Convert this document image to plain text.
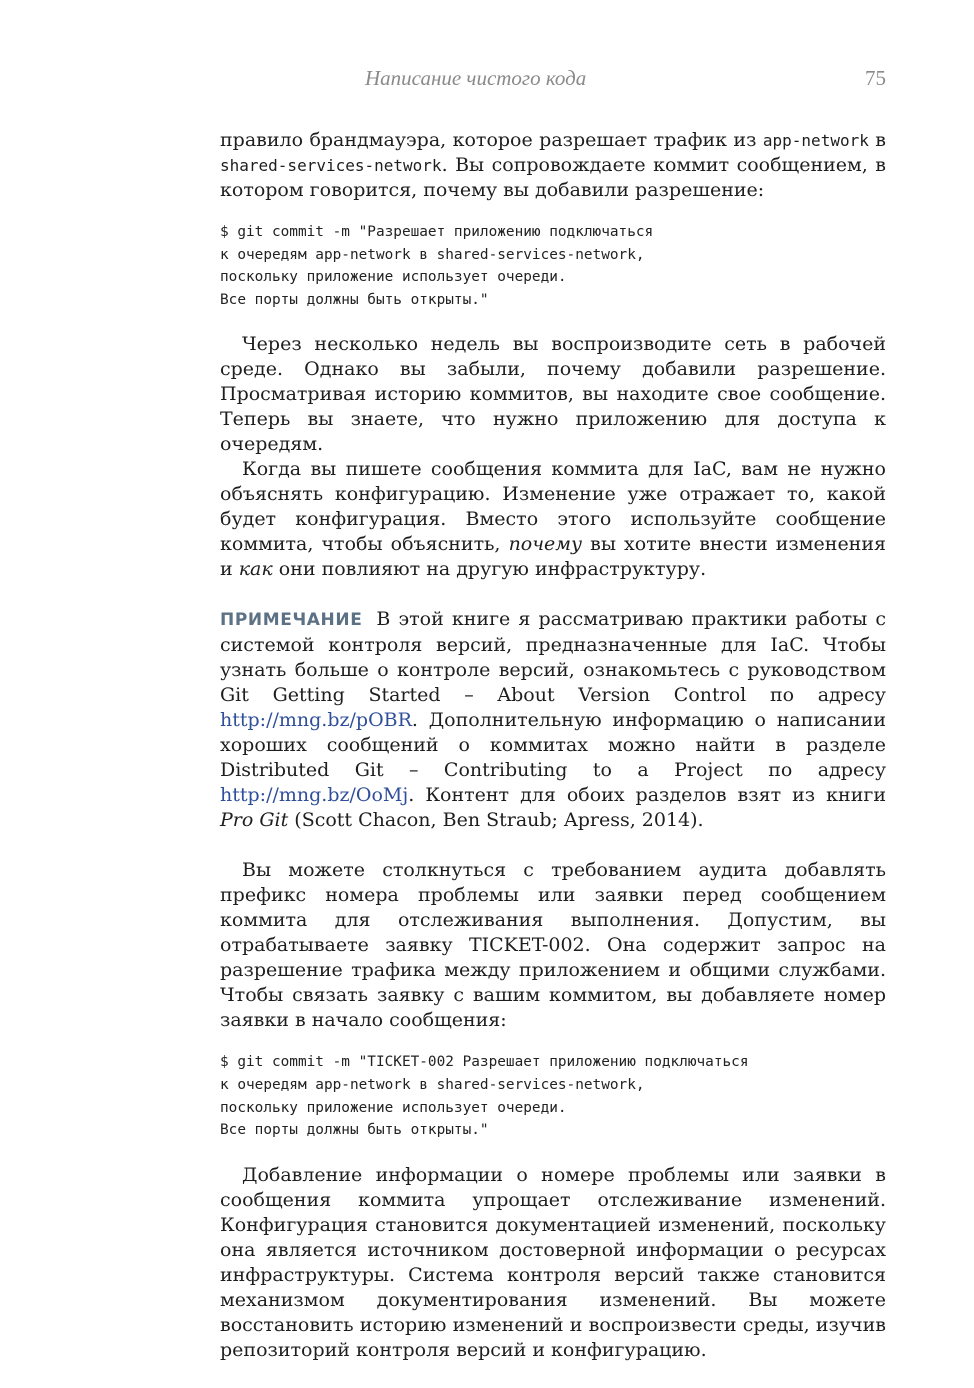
Написание чистого кода	75

правило брандмауэра, которое разрешает трафик из app-network в shared-services-network. Вы сопровождаете коммит сообщением, в котором говорится, почему вы добавили разрешение:

$ git commit -m "Разрешает приложению подключаться
к очередям app-network в shared-services-network,
поскольку приложение использует очереди.
Все порты должны быть открыты."

Через несколько недель вы воспроизводите сеть в рабочей среде. Однако вы забыли, почему добавили разрешение. Просматривая историю коммитов, вы находите свое сообщение. Теперь вы знаете, что нужно приложению для доступа к очередям.

Когда вы пишете сообщения коммита для IaC, вам не нужно объяснять конфигурацию. Изменение уже отражает то, какой будет конфигурация. Вместо этого используйте сообщение коммита, чтобы объяснить, почему вы хотите внести изменения и как они повлияют на другую инфраструктуру.

ПРИМЕЧАНИЕ В этой книге я рассматриваю практики работы с системой контроля версий, предназначенные для IaC. Чтобы узнать больше о контроле версий, ознакомьтесь с руководством Git Getting Started – About Version Control по адресу http://mng.bz/pOBR. Дополнительную информацию о написании хороших сообщений о коммитах можно найти в разделе Distributed Git – Contributing to a Project по адресу http://mng.bz/OoMj. Контент для обоих разделов взят из книги Pro Git (Scott Chacon, Ben Straub; Apress, 2014).

Вы можете столкнуться с требованием аудита добавлять префикс номера проблемы или заявки перед сообщением коммита для отслеживания выполнения. Допустим, вы отрабатываете заявку TICKET-002. Она содержит запрос на разрешение трафика между приложением и общими службами. Чтобы связать заявку с вашим коммитом, вы добавляете номер заявки в начало сообщения:

$ git commit -m "TICKET-002 Разрешает приложению подключаться
к очередям app-network в shared-services-network,
поскольку приложение использует очереди.
Все порты должны быть открыты."

Добавление информации о номере проблемы или заявки в сообщения коммита упрощает отслеживание изменений. Конфигурация становится документацией изменений, поскольку она является источником достоверной информации о ресурсах инфраструктуры. Система контроля версий также становится механизмом документирования изменений. Вы можете восстановить историю изменений и воспроизвести среды, изучив репозиторий контроля версий и конфигурацию.
